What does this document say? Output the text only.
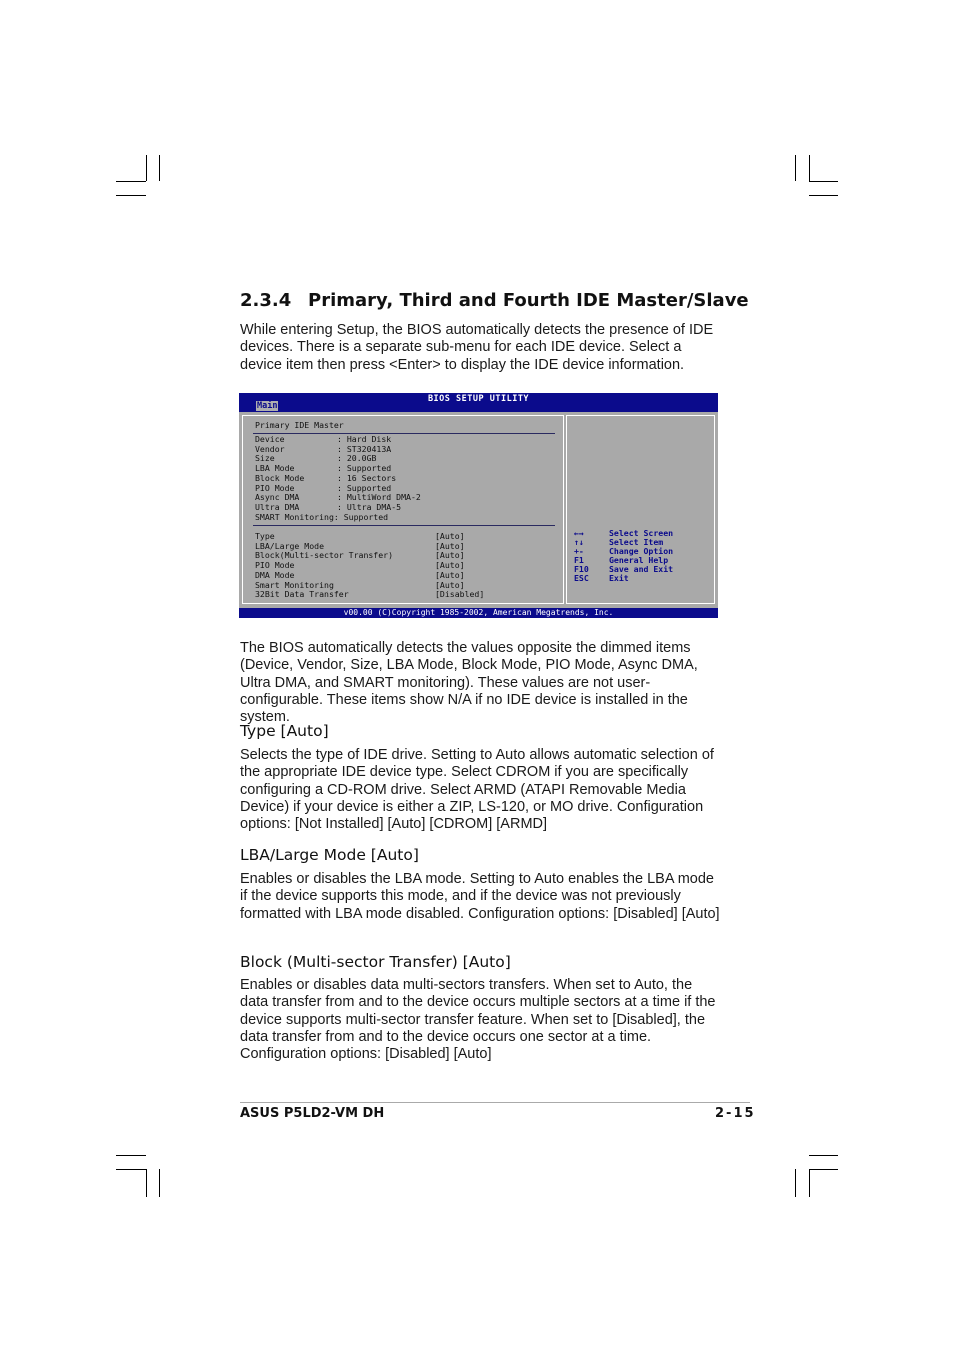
2.3.4 Primary, Third and Fourth IDE Master/Slave

While entering Setup, the BIOS automatically detects the presence of IDE devices. There is a separate sub-menu for each IDE device. Select a device item then press <Enter> to display the IDE device information.

BIOS SETUP UTILITY
Main
Primary IDE Master
Device	: Hard Disk
Vendor	: ST320413A
Size	: 20.0GB
LBA Mode	: Supported
Block Mode	: 16 Sectors
PIO Mode	: Supported
Async DMA	: MultiWord DMA-2
Ultra DMA	: Ultra DMA-5
SMART Monitoring: Supported
Type	[Auto]
LBA/Large Mode	[Auto]
Block(Multi-sector Transfer)	[Auto]
PIO Mode	[Auto]
DMA Mode	[Auto]
Smart Monitoring	[Auto]
32Bit Data Transfer	[Disabled]
←→	Select Screen
↑↓	Select Item
+-	Change Option
F1	General Help
F10 Save and Exit
ESC Exit
v00.00 (C)Copyright 1985-2002, American Megatrends, Inc.

The BIOS automatically detects the values opposite the dimmed items (Device, Vendor, Size, LBA Mode, Block Mode, PIO Mode, Async DMA, Ultra DMA, and SMART monitoring). These values are not user-configurable. These items show N/A if no IDE device is installed in the system.

Type [Auto]

Selects the type of IDE drive. Setting to Auto allows automatic selection of the appropriate IDE device type. Select CDROM if you are specifically configuring a CD-ROM drive. Select ARMD (ATAPI Removable Media Device) if your device is either a ZIP, LS-120, or MO drive. Configuration options: [Not Installed] [Auto] [CDROM] [ARMD]

LBA/Large Mode [Auto]

Enables or disables the LBA mode. Setting to Auto enables the LBA mode if the device supports this mode, and if the device was not previously formatted with LBA mode disabled. Configuration options: [Disabled] [Auto]

Block (Multi-sector Transfer) [Auto]

Enables or disables data multi-sectors transfers. When set to Auto, the data transfer from and to the device occurs multiple sectors at a time if the device supports multi-sector transfer feature. When set to [Disabled], the data transfer from and to the device occurs one sector at a time. Configuration options: [Disabled] [Auto]

ASUS P5LD2-VM DH	2-15
